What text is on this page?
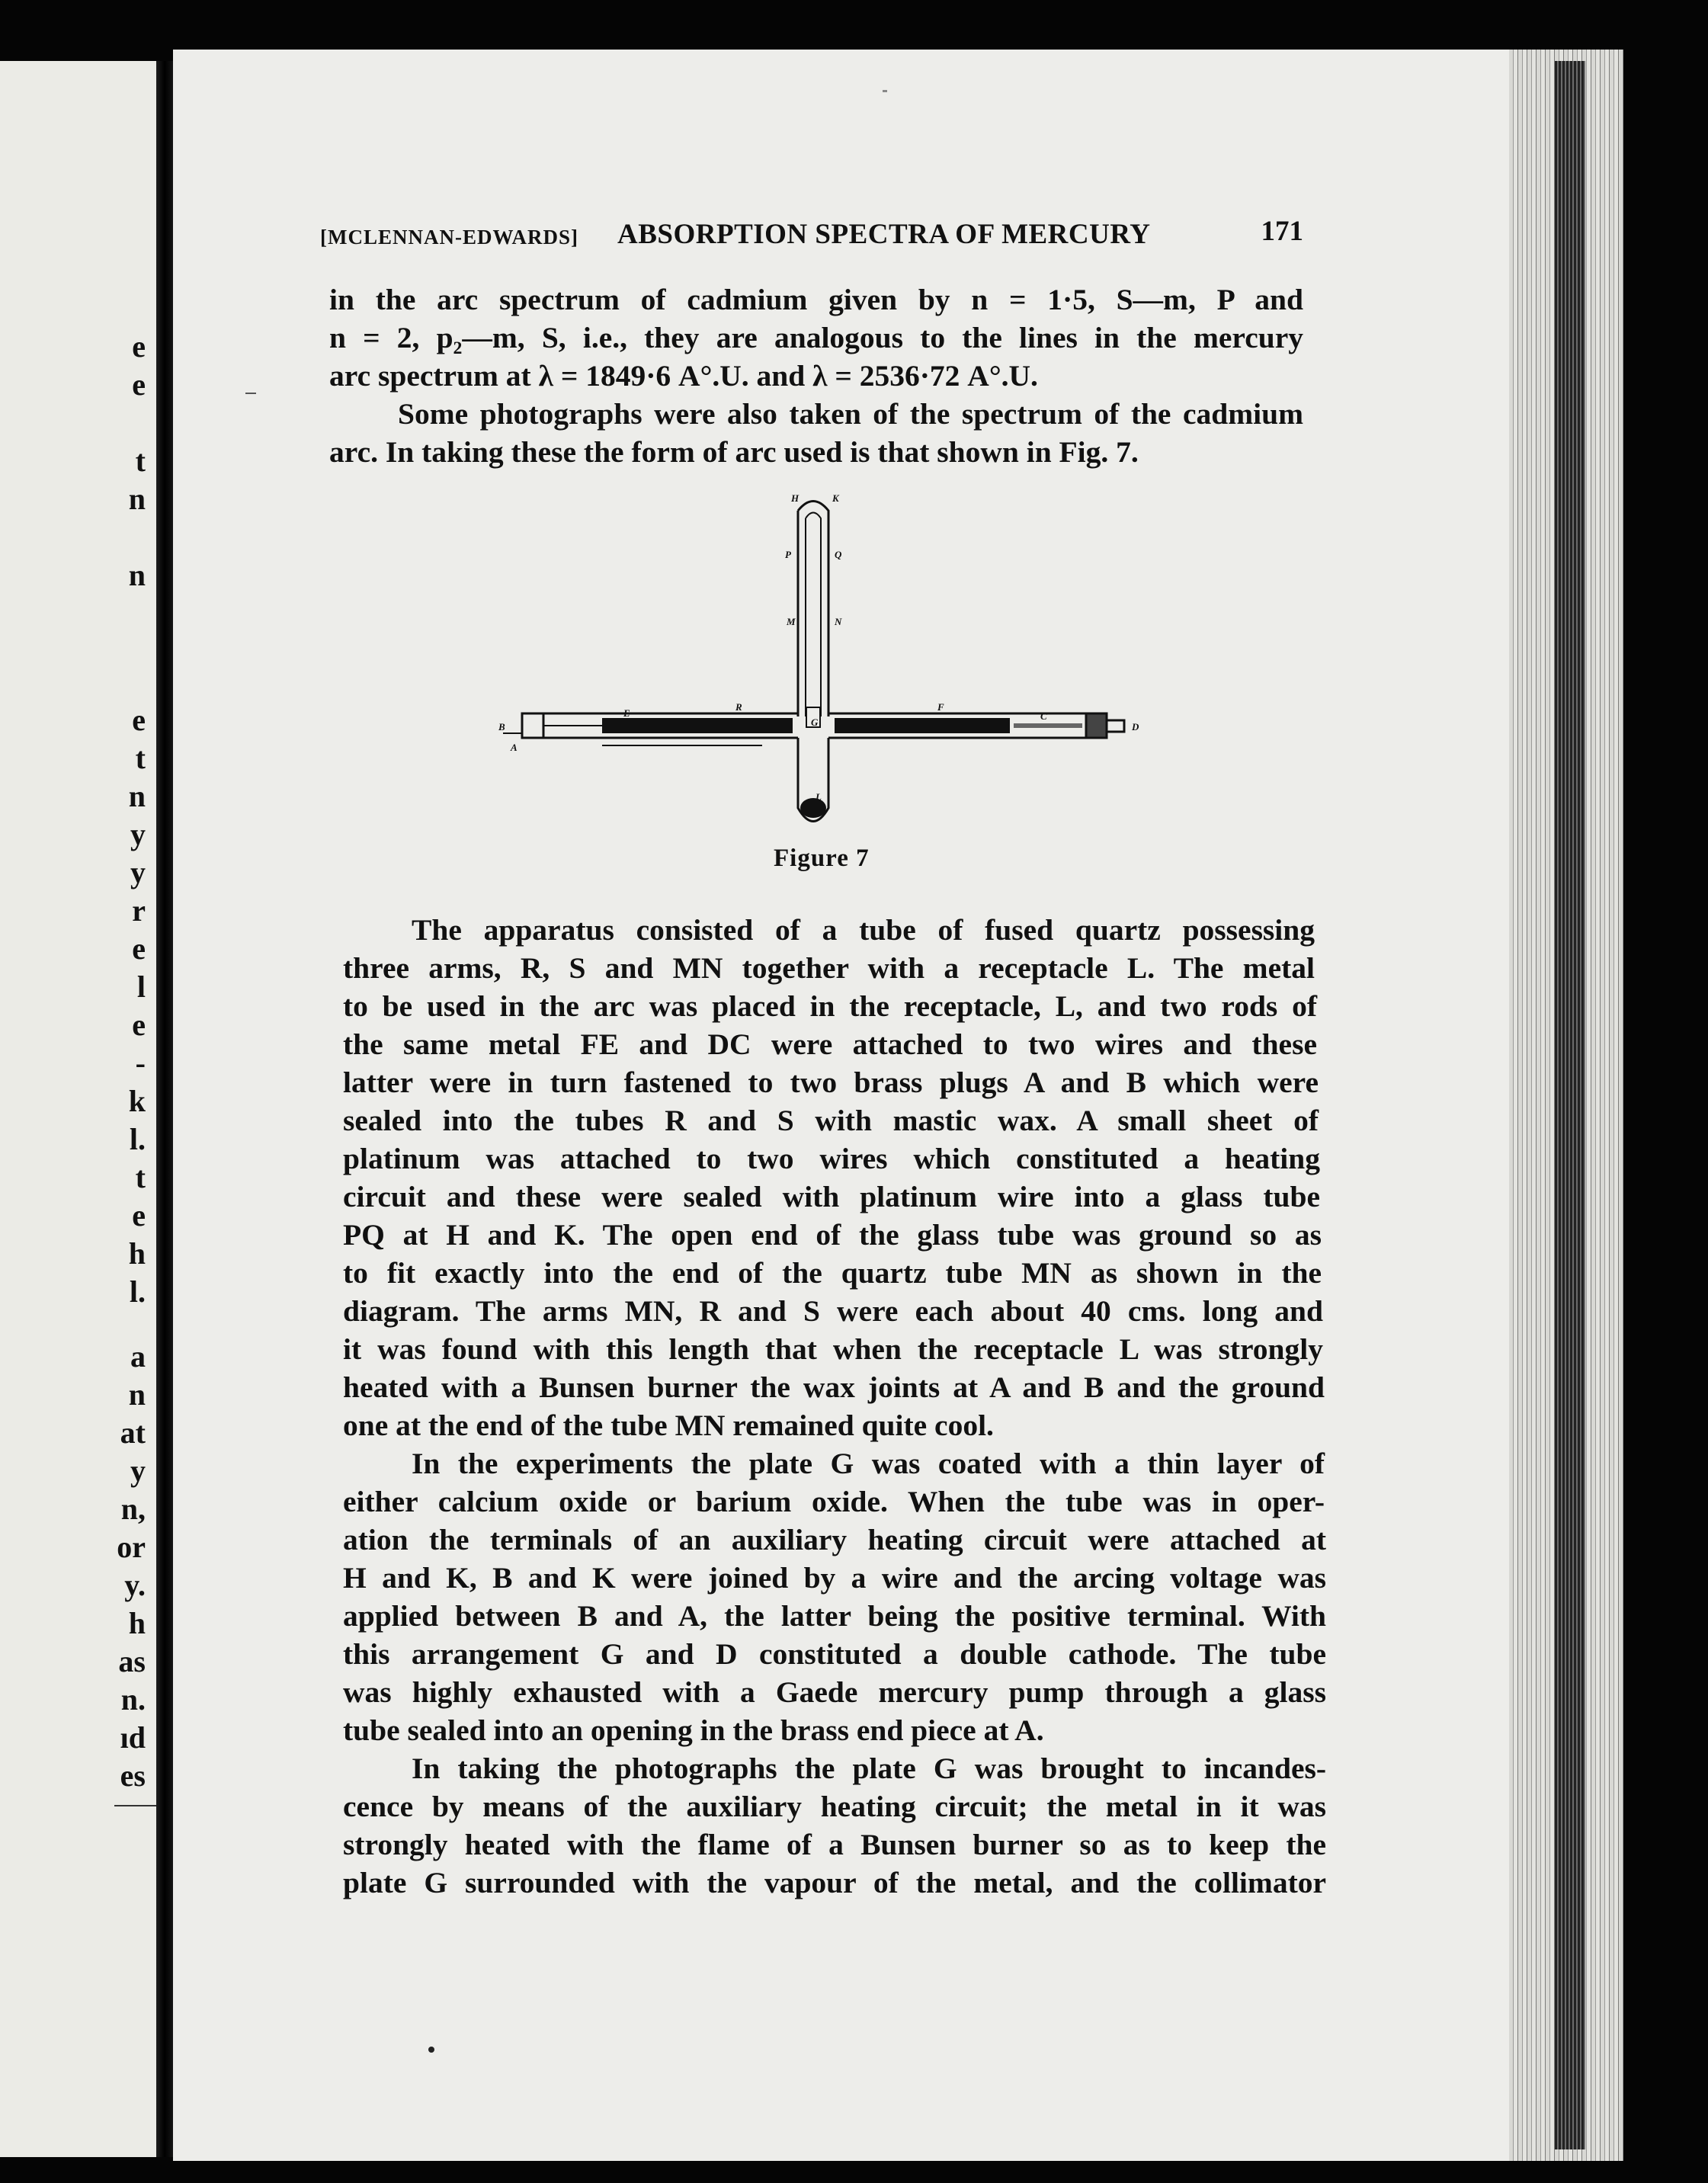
e
e
t
n
n
e
t
n
y
y
r
e
l
e
-
k
l.
t
e
h
l.
a
n
at
y
n,
or
y.
h
as
n.
ıd
es
[MCLENNAN-EDWARDS] ABSORPTION SPECTRA OF MERCURY	171
in the arc spectrum of cadmium given by n = 1·5, S—m, P and
n = 2, p₂—m, S, i.e., they are analogous to the lines in the mercury
arc spectrum at λ = 1849·6 A°.U. and λ = 2536·72 A°.U.
Some photographs were also taken of the spectrum of the cadmium
arc. In taking these the form of arc used is that shown in Fig. 7.
H	K
P	Q
M	N
R	F
E	C
D
B
A
G
L
Figure 7
The apparatus consisted of a tube of fused quartz possessing
three arms, R, S and MN together with a receptacle L. The metal
to be used in the arc was placed in the receptacle, L, and two rods of
the same metal FE and DC were attached to two wires and these
latter were in turn fastened to two brass plugs A and B which were
sealed into the tubes R and S with mastic wax. A small sheet of
platinum was attached to two wires which constituted a heating
circuit and these were sealed with platinum wire into a glass tube
PQ at H and K. The open end of the glass tube was ground so as
to fit exactly into the end of the quartz tube MN as shown in the
diagram. The arms MN, R and S were each about 40 cms. long and
it was found with this length that when the receptacle L was strongly
heated with a Bunsen burner the wax joints at A and B and the ground
one at the end of the tube MN remained quite cool.
In the experiments the plate G was coated with a thin layer of
either calcium oxide or barium oxide. When the tube was in oper-
ation the terminals of an auxiliary heating circuit were attached at
H and K, B and K were joined by a wire and the arcing voltage was
applied between B and A, the latter being the positive terminal. With
this arrangement G and D constituted a double cathode. The tube
was highly exhausted with a Gaede mercury pump through a glass
tube sealed into an opening in the brass end piece at A.
In taking the photographs the plate G was brought to incandes-
cence by means of the auxiliary heating circuit; the metal in it was
strongly heated with the flame of a Bunsen burner so as to keep the
plate G surrounded with the vapour of the metal, and the collimator
